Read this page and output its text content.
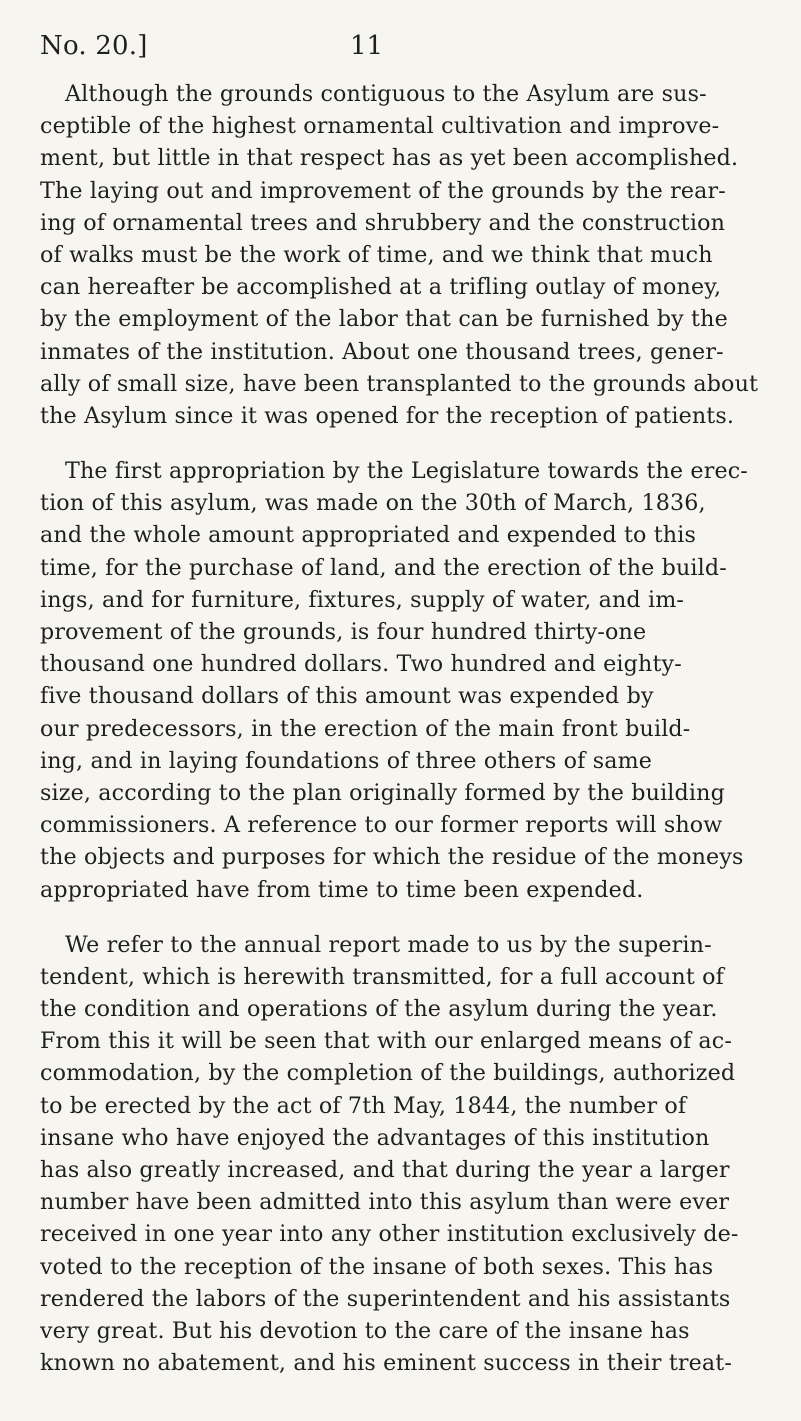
No. 20.]	11

Although the grounds contiguous to the Asylum are sus-
ceptible of the highest ornamental cultivation and improve-
ment, but little in that respect has as yet been accomplished.
The laying out and improvement of the grounds by the rear-
ing of ornamental trees and shrubbery and the construction
of walks must be the work of time, and we think that much
can hereafter be accomplished at a trifling outlay of money,
by the employment of the labor that can be furnished by the
inmates of the institution. About one thousand trees, gener-
ally of small size, have been transplanted to the grounds about
the Asylum since it was opened for the reception of patients.

The first appropriation by the Legislature towards the erec-
tion of this asylum, was made on the 30th of March, 1836,
and the whole amount appropriated and expended to this
time, for the purchase of land, and the erection of the build-
ings, and for furniture, fixtures, supply of water, and im-
provement of the grounds, is four hundred thirty-one
thousand one hundred dollars. Two hundred and eighty-
five thousand dollars of this amount was expended by
our predecessors, in the erection of the main front build-
ing, and in laying foundations of three others of same
size, according to the plan originally formed by the building
commissioners. A reference to our former reports will show
the objects and purposes for which the residue of the moneys
appropriated have from time to time been expended.

We refer to the annual report made to us by the superin-
tendent, which is herewith transmitted, for a full account of
the condition and operations of the asylum during the year.
From this it will be seen that with our enlarged means of ac-
commodation, by the completion of the buildings, authorized
to be erected by the act of 7th May, 1844, the number of
insane who have enjoyed the advantages of this institution
has also greatly increased, and that during the year a larger
number have been admitted into this asylum than were ever
received in one year into any other institution exclusively de-
voted to the reception of the insane of both sexes. This has
rendered the labors of the superintendent and his assistants
very great. But his devotion to the care of the insane has
known no abatement, and his eminent success in their treat-
